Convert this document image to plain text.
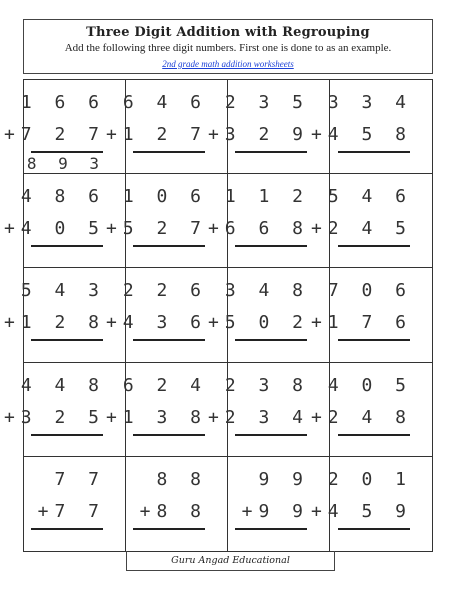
Three Digit Addition with Regrouping
Add the following three digit numbers. First one is done to as an example.
2nd grade math addition worksheets
1 6 6
+7 2 7
8 9 3
6 4 6
+1 2 7
2 3 5
+3 2 9
3 3 4
+4 5 8
4 8 6
+4 0 5
1 0 6
+5 2 7
1 1 2
+6 6 8
5 4 6
+2 4 5
5 4 3
+1 2 8
2 2 6
+4 3 6
3 4 8
+5 0 2
7 0 6
+1 7 6
4 4 8
+3 2 5
6 2 4
+1 3 8
2 3 8
+2 3 4
4 0 5
+2 4 8
7 7
+7 7
8 8
+8 8
9 9
+9 9
2 0 1
+4 5 9
Guru Angad Educational
